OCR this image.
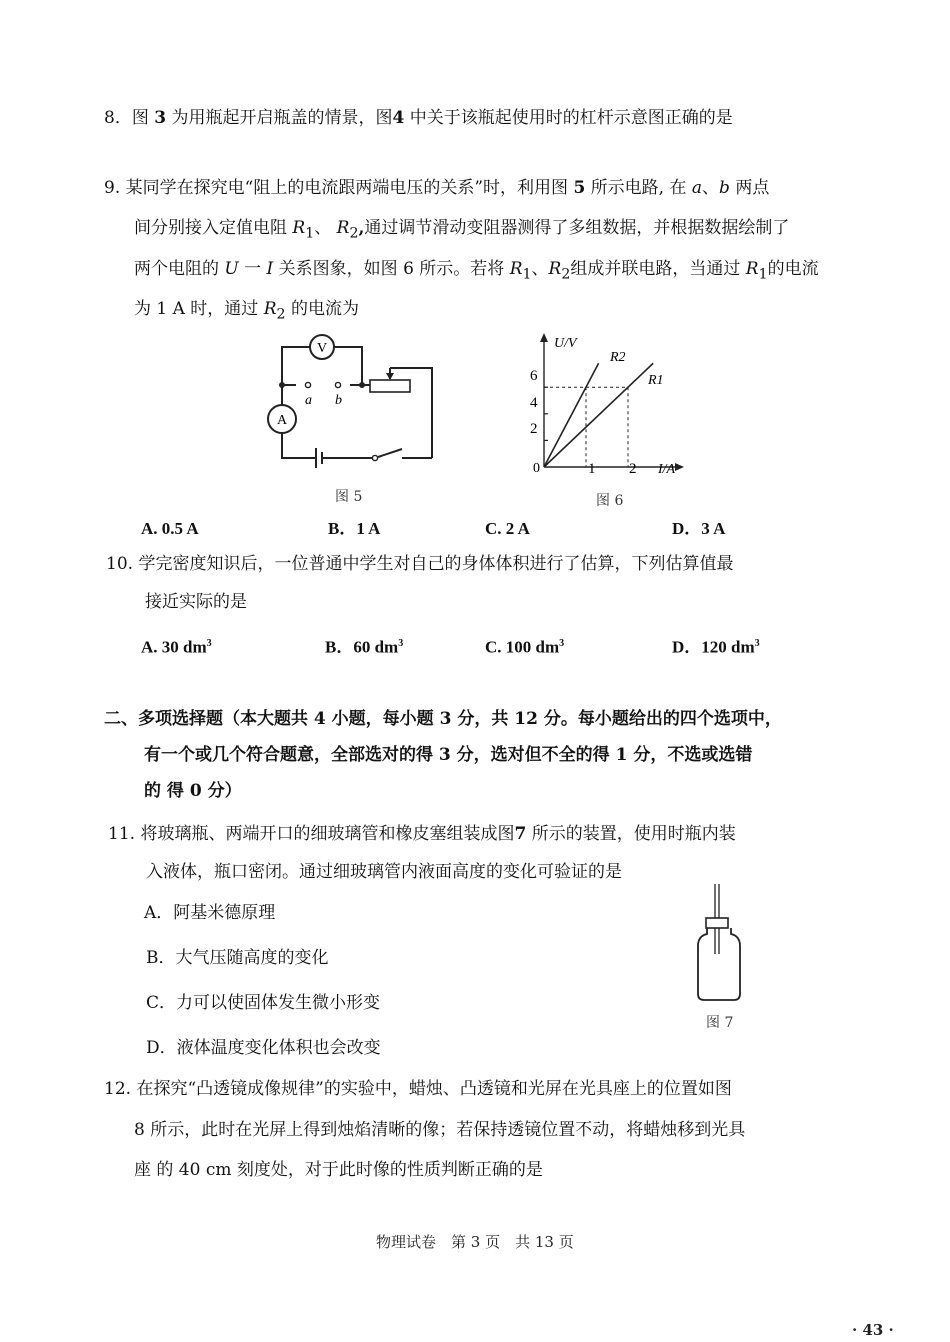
8．图 3 为用瓶起开启瓶盖的情景，图4 中关于该瓶起使用时的杠杆示意图正确的是
9. 某同学在探究电“阻上的电流跟两端电压的关系”时，利用图 5 所示电路, 在 a、b 两点
间分别接入定值电阻 $R_1$、 $R_2$,通过调节滑动变阻器测得了多组数据，并根据数据绘制了
两个电阻的 U 一 I 关系图象，如图 6 所示。若将 $R_1$、$R_2$组成并联电路，当通过 $R_1$的电流
为 1 A 时，通过 $R_2$ 的电流为
V
A
a b
图 5
U/V
I/A
0
2
4
6
1 2
R2
R1
图 6
A. 0.5 A	B．1 A	C. 2 A	D．3 A
10. 学完密度知识后，一位普通中学生对自己的身体体积进行了估算，下列估算值最
接近实际的是
A. 30 $dm^3$	B．60 $dm^3$	C. 100 $dm^3$	D．120 $dm^3$
二、多项选择题（本大题共 4 小题，每小题 3 分，共 12 分。每小题给出的四个选项中，
有一个或几个符合题意，全部选对的得 3 分，选对但不全的得 1 分，不选或选错
的 得 0 分）
11. 将玻璃瓶、两端开口的细玻璃管和橡皮塞组装成图7 所示的装置，使用时瓶内装
入液体，瓶口密闭。通过细玻璃管内液面高度的变化可验证的是
A．阿基米德原理
B．大气压随高度的变化
C．力可以使固体发生微小形变
D．液体温度变化体积也会改变
图 7
12. 在探究“凸透镜成像规律”的实验中，蜡烛、凸透镜和光屏在光具座上的位置如图
8 所示，此时在光屏上得到烛焰清晰的像；若保持透镜位置不动，将蜡烛移到光具
座 的 40 cm 刻度处，对于此时像的性质判断正确的是
物理试卷　第 3 页　共 13 页
· 43 ·
